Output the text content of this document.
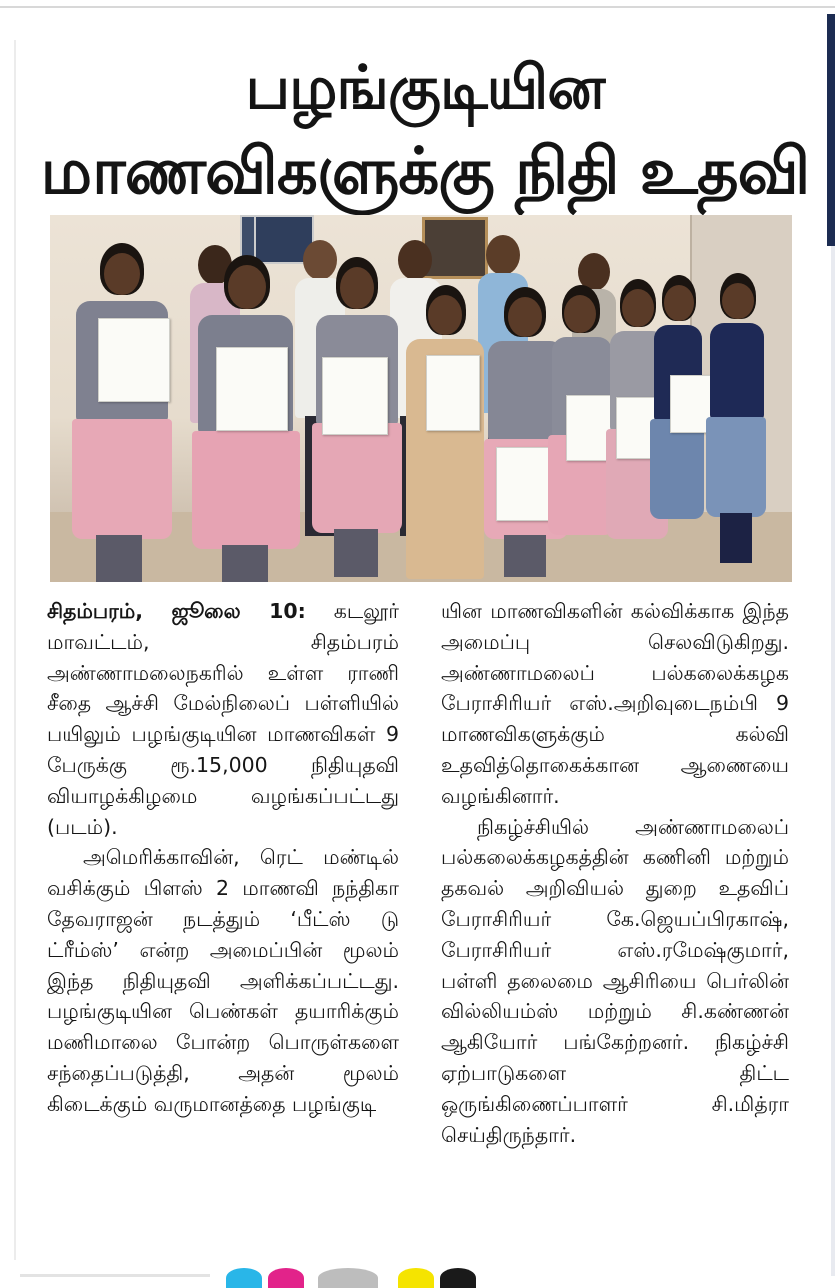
பழங்குடியின
மாணவிகளுக்கு நிதி உதவி

சிதம்பரம், ஜூலை 10: கடலூர் மாவட்டம், சிதம்பரம் அண்ணாமலைநகரில் உள்ள ராணி சீதை ஆச்சி மேல்நிலைப் பள்ளியில் பயிலும் பழங்குடியின மாணவிகள் 9 பேருக்கு ரூ.15,000 நிதியுதவி வியாழக்கிழமை வழங்கப்பட்டது (படம்).

அமெரிக்காவின், ரெட் மண்டில் வசிக்கும் பிளஸ் 2 மாணவி நந்திகா தேவராஜன் நடத்தும் ‘பீட்ஸ் டு ட்ரீம்ஸ்’ என்ற அமைப்பின் மூலம் இந்த நிதியுதவி அளிக்கப்பட்டது. பழங்குடியின பெண்கள் தயாரிக்கும் மணிமாலை போன்ற பொருள்களை சந்தைப்படுத்தி, அதன் மூலம் கிடைக்கும் வருமானத்தை பழங்குடி

யின மாணவிகளின் கல்விக்காக இந்த அமைப்பு செலவிடுகிறது. அண்ணாமலைப் பல்கலைக்கழக பேராசிரியர் எஸ்.அறிவுடைநம்பி 9 மாணவிகளுக்கும் கல்வி உதவித்தொகைக்கான ஆணையை வழங்கினார்.

நிகழ்ச்சியில் அண்ணாமலைப் பல்கலைக்கழகத்தின் கணினி மற்றும் தகவல் அறிவியல் துறை உதவிப் பேராசிரியர் கே.ஜெயப்பிரகாஷ், பேராசிரியர் எஸ்.ரமேஷ்குமார், பள்ளி தலைமை ஆசிரியை பெர்லின் வில்லியம்ஸ் மற்றும் சி.கண்ணன் ஆகியோர் பங்கேற்றனர். நிகழ்ச்சி ஏற்பாடுகளை திட்ட ஒருங்கிணைப்பாளர் சி.மித்ரா செய்திருந்தார்.
